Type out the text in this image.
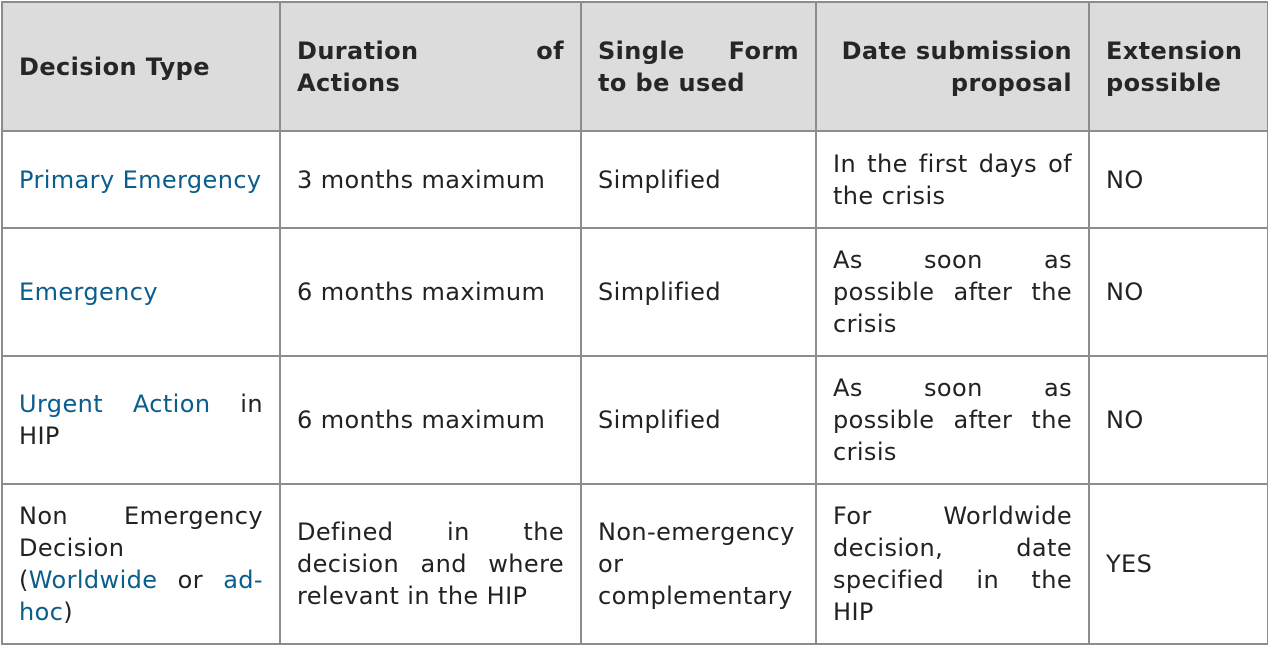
Decision Type	Duration of Actions	Single Form to be used	Date submission proposal	Extension possible
Primary Emergency	3 months maximum	Simplified	In the first days of the crisis	NO
Emergency	6 months maximum	Simplified	As soon as possible after the crisis	NO
Urgent Action in HIP	6 months maximum	Simplified	As soon as possible after the crisis	NO
Non Emergency Decision (Worldwide or ad-hoc)	Defined in the decision and where relevant in the HIP	Non-emergency or complementary	For Worldwide decision, date specified in the HIP	YES
